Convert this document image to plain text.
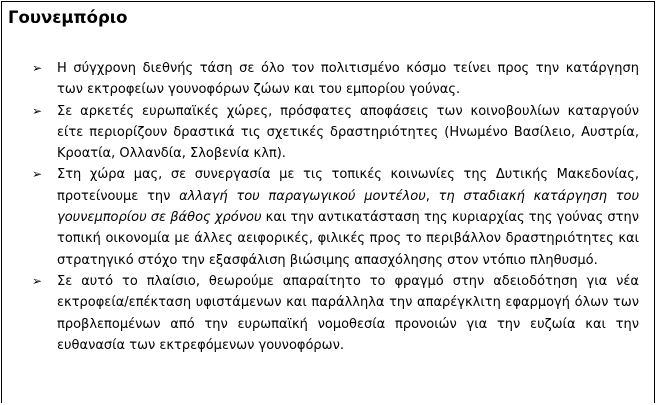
Γουνεμπόριο
➢ Η σύγχρονη διεθνής τάση σε όλο τον πολιτισμένο κόσμο τείνει προς την κατάργηση των εκτροφείων γουνοφόρων ζώων και του εμπορίου γούνας.
➢ Σε αρκετές ευρωπαϊκές χώρες, πρόσφατες αποφάσεις των κοινοβουλίων καταργούν είτε περιορίζουν δραστικά τις σχετικές δραστηριότητες (Ηνωμένο Βασίλειο, Αυστρία, Κροατία, Ολλανδία, Σλοβενία κλπ).
➢ Στη χώρα μας, σε συνεργασία με τις τοπικές κοινωνίες της Δυτικής Μακεδονίας, προτείνουμε την αλλαγή του παραγωγικού μοντέλου, τη σταδιακή κατάργηση του γουνεμπορίου σε βάθος χρόνου και την αντικατάσταση της κυριαρχίας της γούνας στην τοπική οικονομία με άλλες αειφορικές, φιλικές προς το περιβάλλον δραστηριότητες και στρατηγικό στόχο την εξασφάλιση βιώσιμης απασχόλησης στον ντόπιο πληθυσμό.
➢ Σε αυτό το πλαίσιο, θεωρούμε απαραίτητο το φραγμό στην αδειοδότηση για νέα εκτροφεία/επέκταση υφιστάμενων και παράλληλα την απαρέγκλιτη εφαρμογή όλων των προβλεπομένων από την ευρωπαϊκή νομοθεσία προνοιών για την ευζωία και την ευθανασία των εκτρεφόμενων γουνοφόρων.
